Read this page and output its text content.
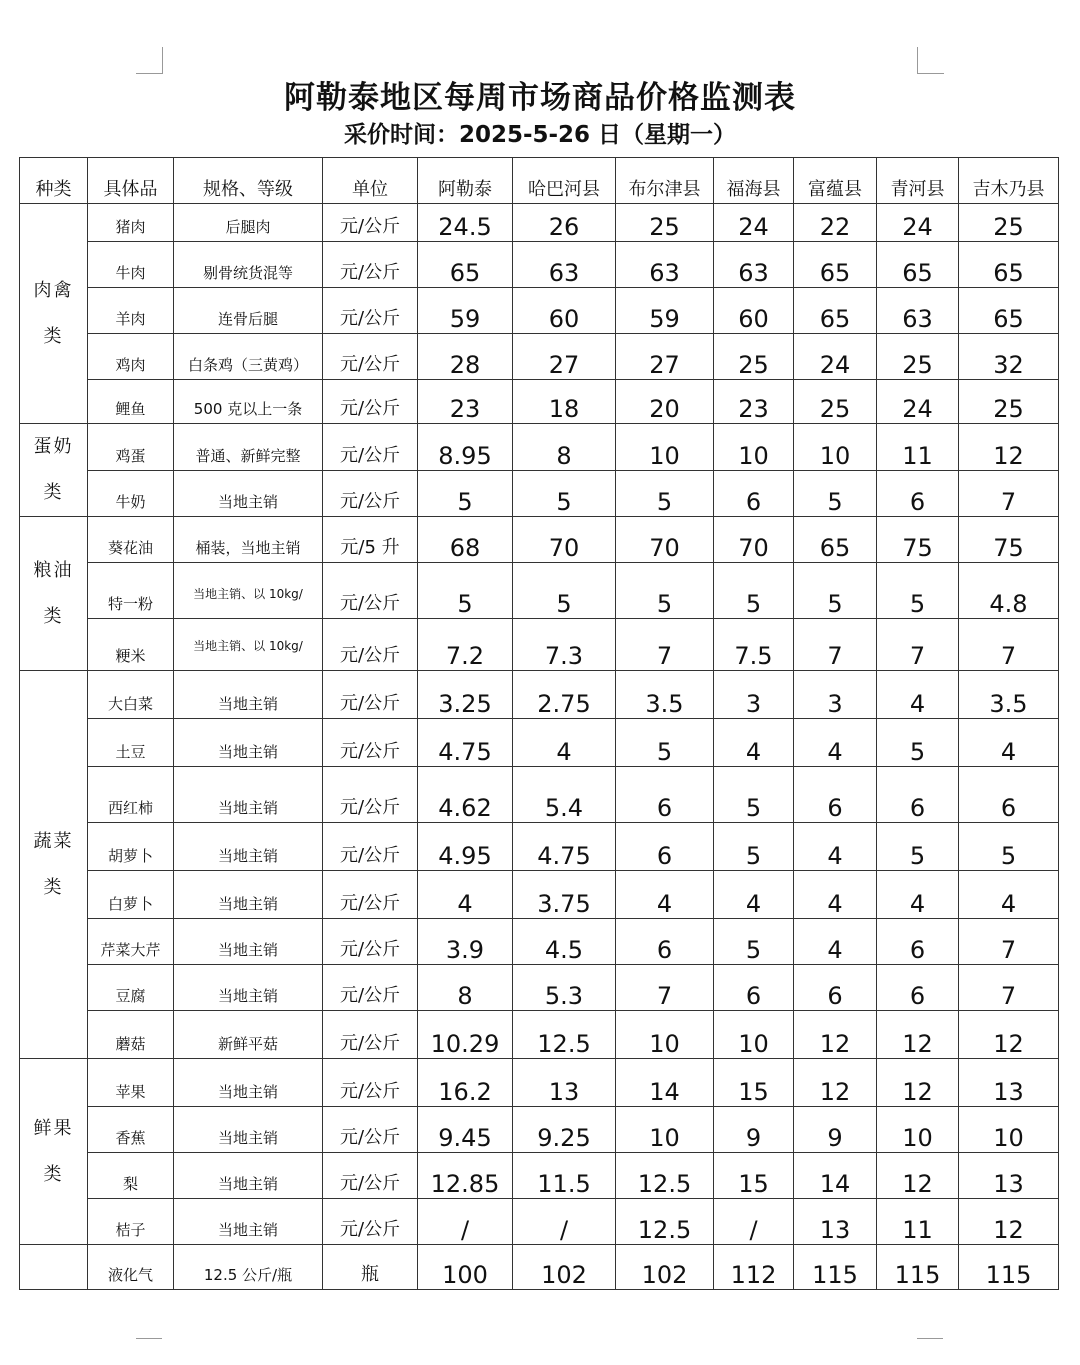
阿勒泰地区每周市场商品价格监测表
采价时间：2025-5-26 日（星期一）
种类	具体品	规格、等级	单位	阿勒泰	哈巴河县	布尔津县	福海县	富蕴县	青河县	吉木乃县

肉禽类	猪肉	后腿肉	元/公斤	24.5	26	25	24	22	24	25
	牛肉	剔骨统货混等	元/公斤	65	63	63	63	65	65	65
	羊肉	连骨后腿	元/公斤	59	60	59	60	65	63	65
	鸡肉	白条鸡（三黄鸡）	元/公斤	28	27	27	25	24	25	32
	鲤鱼	500 克以上一条	元/公斤	23	18	20	23	25	24	25

蛋奶类	鸡蛋	普通、新鲜完整	元/公斤	8.95	8	10	10	10	11	12
	牛奶	当地主销	元/公斤	5	5	5	6	5	6	7

粮油类	葵花油	桶装，当地主销	元/5 升	68	70	70	70	65	75	75
	特一粉	当地主销、以 10kg/	元/公斤	5	5	5	5	5	5	4.8
	粳米	当地主销、以 10kg/	元/公斤	7.2	7.3	7	7.5	7	7	7

蔬菜类	大白菜	当地主销	元/公斤	3.25	2.75	3.5	3	3	4	3.5
	土豆	当地主销	元/公斤	4.75	4	5	4	4	5	4
	西红柿	当地主销	元/公斤	4.62	5.4	6	5	6	6	6
	胡萝卜	当地主销	元/公斤	4.95	4.75	6	5	4	5	5
	白萝卜	当地主销	元/公斤	4	3.75	4	4	4	4	4
	芹菜大芹	当地主销	元/公斤	3.9	4.5	6	5	4	6	7
	豆腐	当地主销	元/公斤	8	5.3	7	6	6	6	7
	蘑菇	新鲜平菇	元/公斤	10.29	12.5	10	10	12	12	12

鲜果类	苹果	当地主销	元/公斤	16.2	13	14	15	12	12	13
	香蕉	当地主销	元/公斤	9.45	9.25	10	9	9	10	10
	梨	当地主销	元/公斤	12.85	11.5	12.5	15	14	12	13
	桔子	当地主销	元/公斤	/	/	12.5	/	13	11	12

	液化气	12.5 公斤/瓶	瓶	100	102	102	112	115	115	115
